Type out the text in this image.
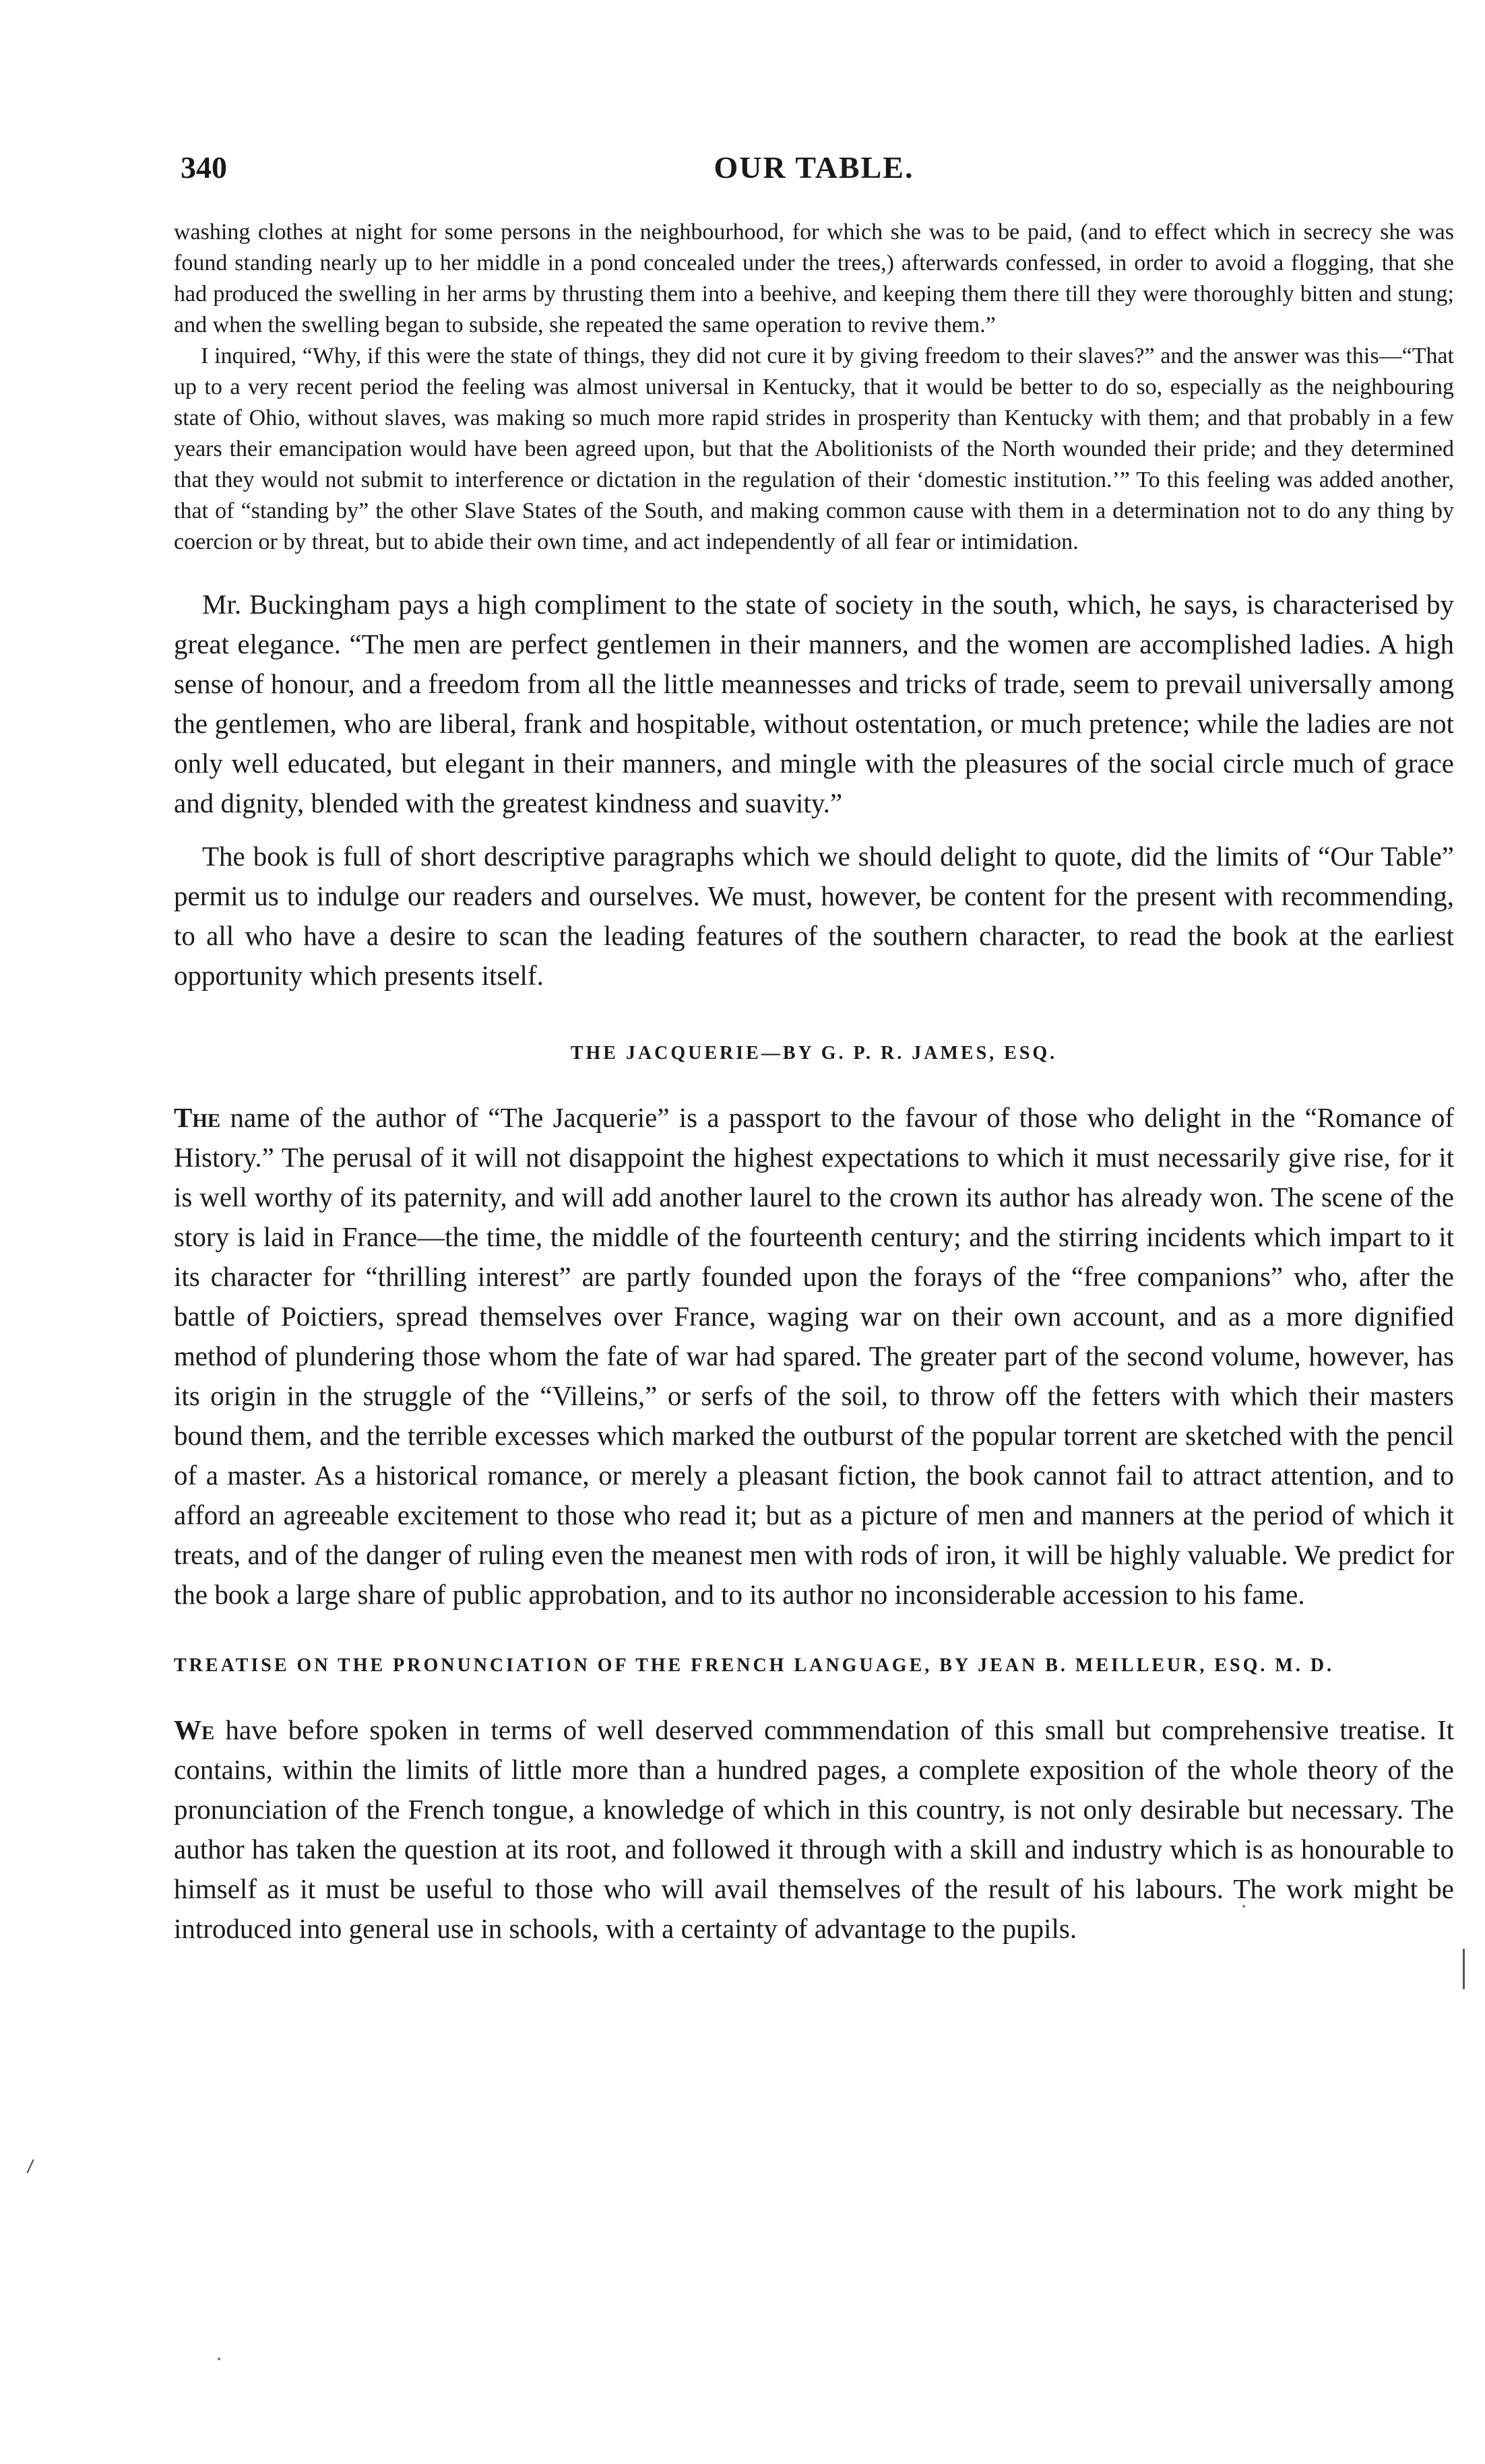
340	OUR TABLE.

washing clothes at night for some persons in the neighbourhood, for which she was to be paid, (and to effect which in secrecy she was found standing nearly up to her middle in a pond concealed under the trees,) afterwards confessed, in order to avoid a flogging, that she had produced the swelling in her arms by thrusting them into a beehive, and keeping them there till they were thoroughly bitten and stung; and when the swelling began to subside, she repeated the same operation to revive them.”

I inquired, “Why, if this were the state of things, they did not cure it by giving freedom to their slaves?” and the answer was this—“That up to a very recent period the feeling was almost universal in Kentucky, that it would be better to do so, especially as the neighbouring state of Ohio, without slaves, was making so much more rapid strides in prosperity than Kentucky with them; and that probably in a few years their emancipation would have been agreed upon, but that the Abolitionists of the North wounded their pride; and they determined that they would not submit to interference or dictation in the regulation of their ‘domestic institution.’” To this feeling was added another, that of “standing by” the other Slave States of the South, and making common cause with them in a determination not to do any thing by coercion or by threat, but to abide their own time, and act independently of all fear or intimidation.

Mr. Buckingham pays a high compliment to the state of society in the south, which, he says, is characterised by great elegance. “The men are perfect gentlemen in their manners, and the women are accomplished ladies. A high sense of honour, and a freedom from all the little meannesses and tricks of trade, seem to prevail universally among the gentlemen, who are liberal, frank and hospitable, without ostentation, or much pretence; while the ladies are not only well educated, but elegant in their manners, and mingle with the pleasures of the social circle much of grace and dignity, blended with the greatest kindness and suavity.”

The book is full of short descriptive paragraphs which we should delight to quote, did the limits of “Our Table” permit us to indulge our readers and ourselves. We must, however, be content for the present with recommending, to all who have a desire to scan the leading features of the southern character, to read the book at the earliest opportunity which presents itself.

THE JACQUERIE—BY G. P. R. JAMES, ESQ.

The name of the author of “The Jacquerie” is a passport to the favour of those who delight in the “Romance of History.” The perusal of it will not disappoint the highest expectations to which it must necessarily give rise, for it is well worthy of its paternity, and will add another laurel to the crown its author has already won. The scene of the story is laid in France—the time, the middle of the fourteenth century; and the stirring incidents which impart to it its character for “thrilling interest” are partly founded upon the forays of the “free companions” who, after the battle of Poictiers, spread themselves over France, waging war on their own account, and as a more dignified method of plundering those whom the fate of war had spared. The greater part of the second volume, however, has its origin in the struggle of the “Villeins,” or serfs of the soil, to throw off the fetters with which their masters bound them, and the terrible excesses which marked the outburst of the popular torrent are sketched with the pencil of a master. As a historical romance, or merely a pleasant fiction, the book cannot fail to attract attention, and to afford an agreeable excitement to those who read it; but as a picture of men and manners at the period of which it treats, and of the danger of ruling even the meanest men with rods of iron, it will be highly valuable. We predict for the book a large share of public approbation, and to its author no inconsiderable accession to his fame.

TREATISE ON THE PRONUNCIATION OF THE FRENCH LANGUAGE, BY JEAN B. MEILLEUR, ESQ. M. D.

We have before spoken in terms of well deserved commmendation of this small but comprehensive treatise. It contains, within the limits of little more than a hundred pages, a complete exposition of the whole theory of the pronunciation of the French tongue, a knowledge of which in this country, is not only desirable but necessary. The author has taken the question at its root, and followed it through with a skill and industry which is as honourable to himself as it must be useful to those who will avail themselves of the result of his labours. The work might be introduced into general use in schools, with a certainty of advantage to the pupils.
